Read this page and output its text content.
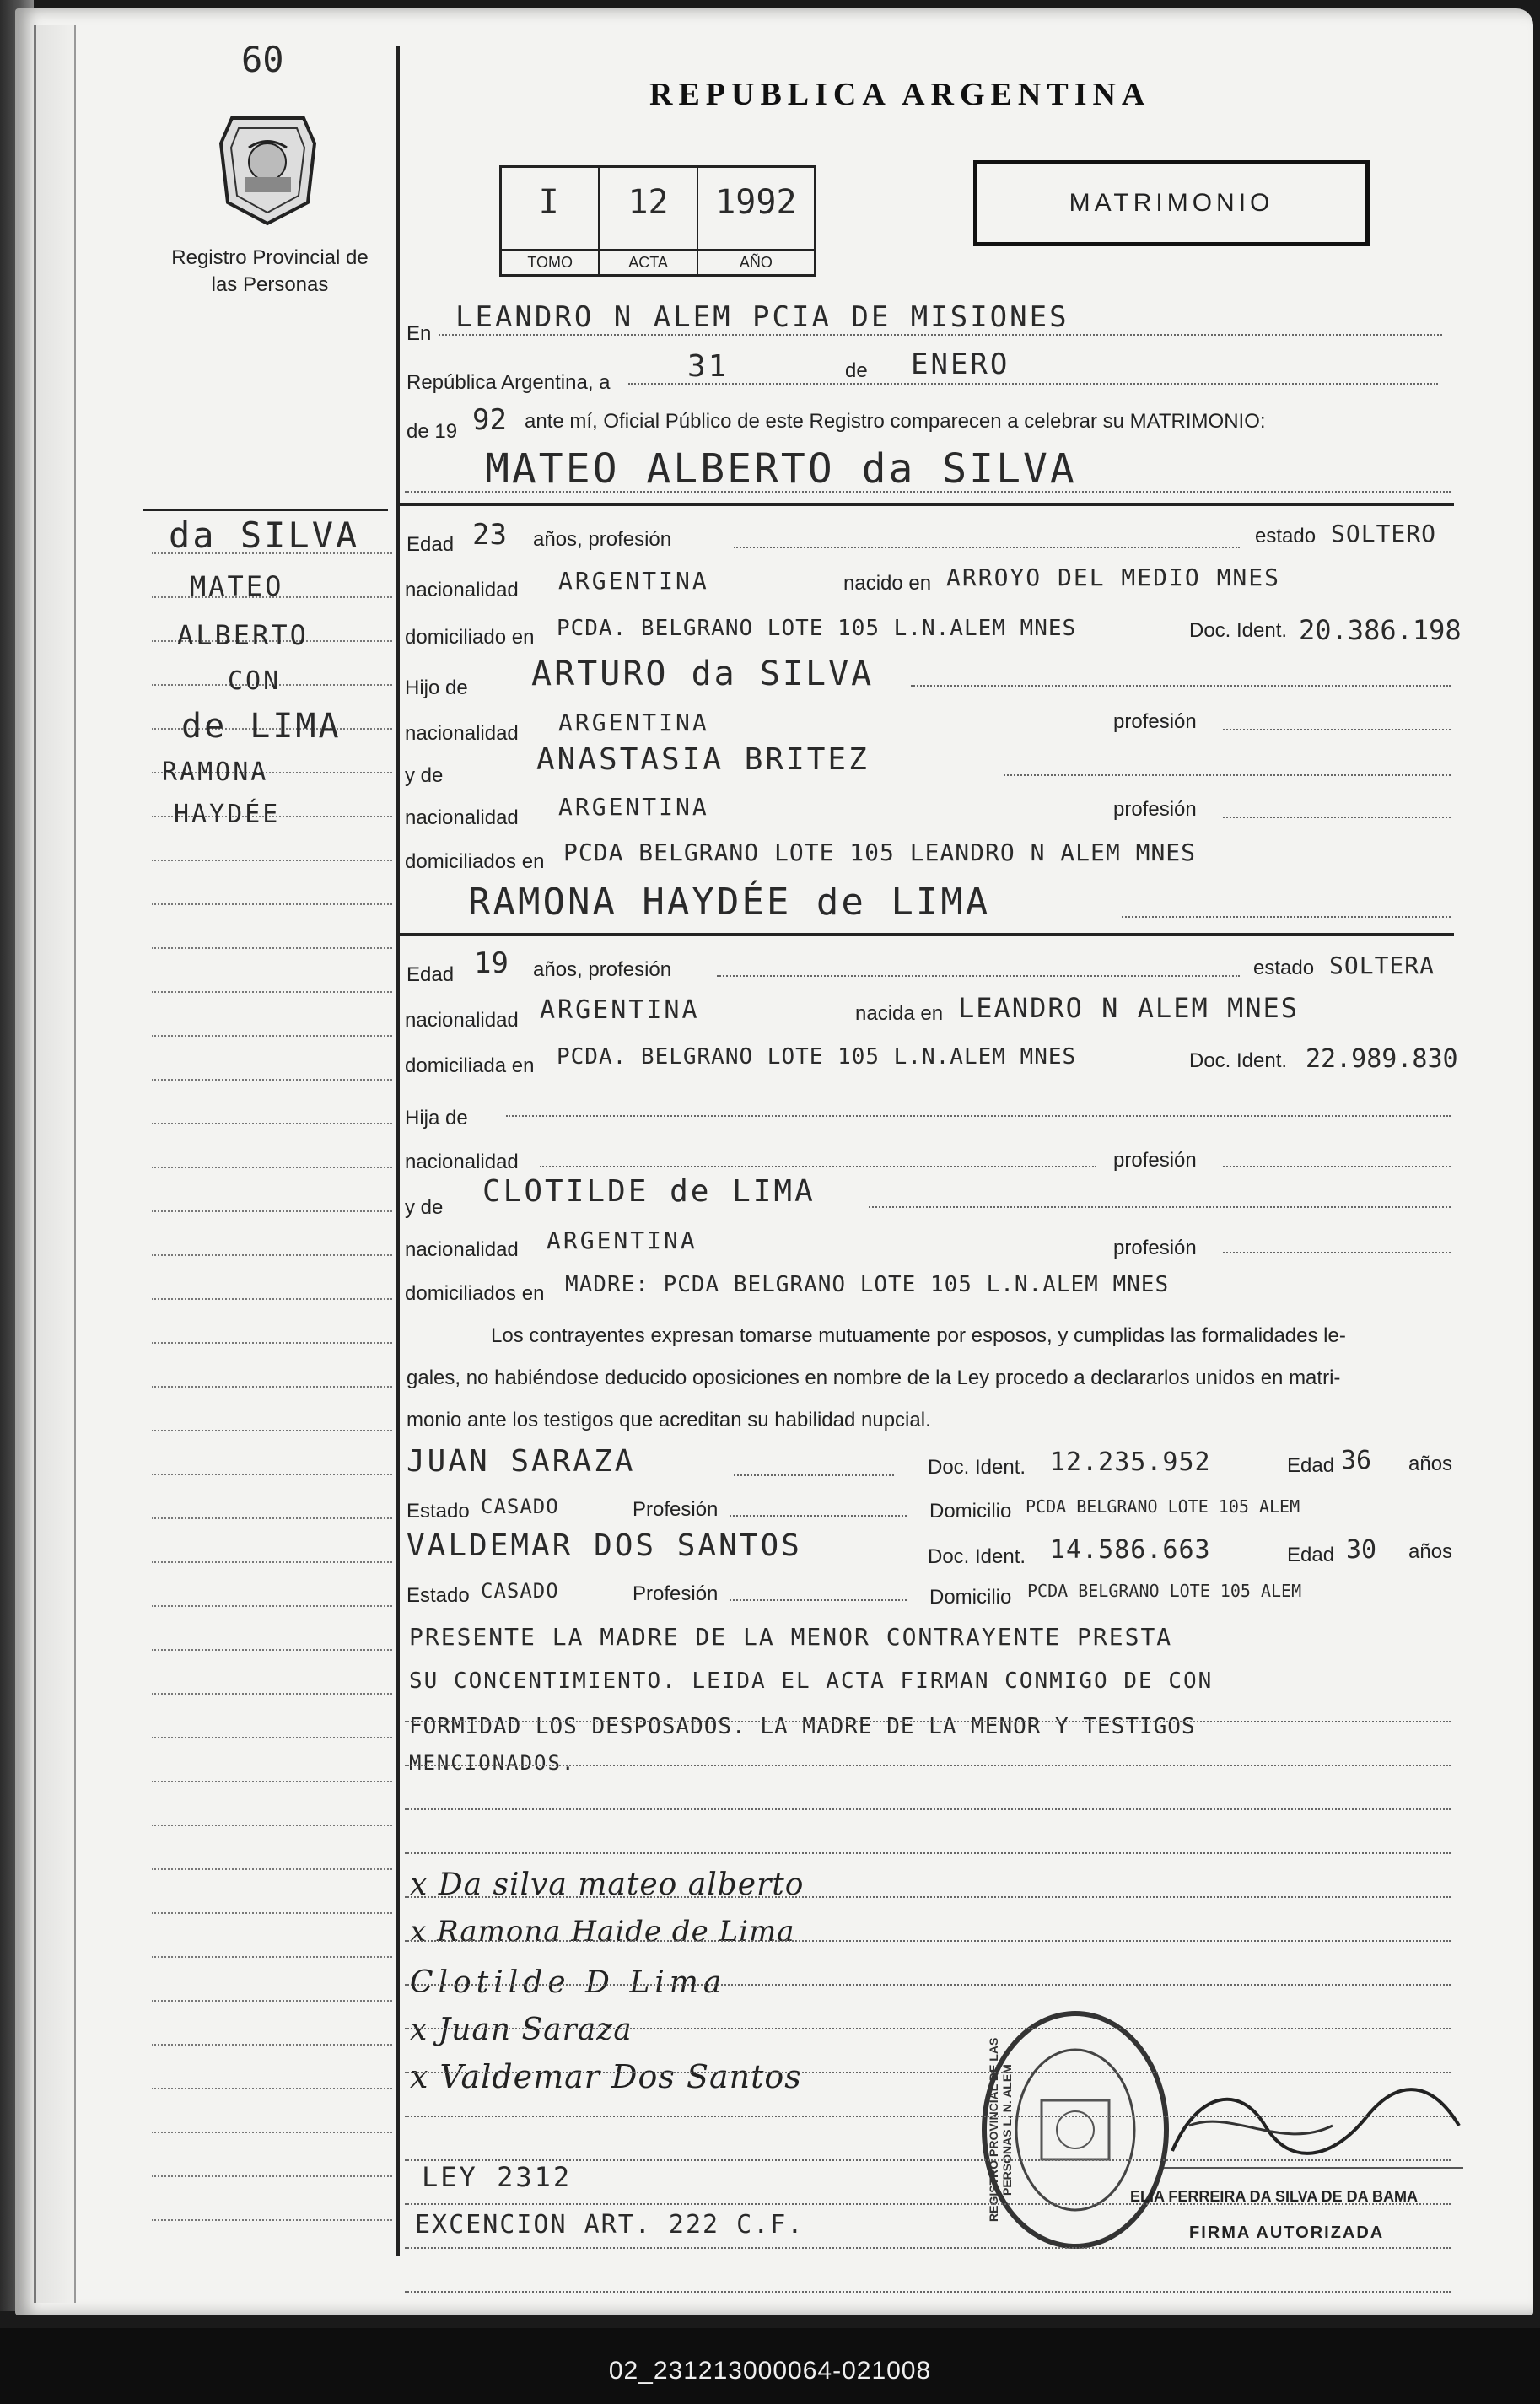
60
Registro Provincial de las Personas
REPUBLICA ARGENTINA
I
TOMO
12
ACTA
1992
AÑO
MATRIMONIO
da SILVA
MATEO
ALBERTO
CON
de LIMA
RAMONA
HAYDÉE
En LEANDRO N ALEM PCIA DE MISIONES
República Argentina, a	31	de ENERO
de 19 92 ante mí, Oficial Público de este Registro comparecen a celebrar su MATRIMONIO:
MATEO ALBERTO da SILVA
Edad 23 años, profesión	estado SOLTERO
nacionalidad ARGENTINA	nacido en ARROYO DEL MEDIO MNES
domiciliado en PCDA. BELGRANO LOTE 105 L.N.ALEM MNES	Doc. Ident. 20.386.198
Hijo de ARTURO da SILVA
nacionalidad ARGENTINA	profesión
y de	ANASTASIA BRITEZ
nacionalidad ARGENTINA	profesión
domiciliados en PCDA BELGRANO LOTE 105 LEANDRO N ALEM MNES
RAMONA HAYDÉE de LIMA
Edad 19 años, profesión	estado SOLTERA
nacionalidad ARGENTINA	nacida en LEANDRO N ALEM MNES
domiciliada en PCDA. BELGRANO LOTE 105 L.N.ALEM MNES	Doc. Ident. 22.989.830
Hija de
nacionalidad	profesión
y de CLOTILDE de LIMA
nacionalidad ARGENTINA	profesión
domiciliados en MADRE: PCDA BELGRANO LOTE 105 L.N.ALEM MNES
Los contrayentes expresan tomarse mutuamente por esposos, y cumplidas las formalidades le-
gales, no habiéndose deducido oposiciones en nombre de la Ley procedo a declararlos unidos en matri-
monio ante los testigos que acreditan su habilidad nupcial.
JUAN SARAZA	Doc. Ident. 12.235.952	Edad 36 años
Estado CASADO	Profesión	Domicilio PCDA BELGRANO LOTE 105 ALEM
VALDEMAR DOS SANTOS	Doc. Ident. 14.586.663	Edad 30 años
Estado CASADO	Profesión	Domicilio PCDA BELGRANO LOTE 105 ALEM
PRESENTE LA MADRE DE LA MENOR CONTRAYENTE PRESTA
SU CONCENTIMIENTO. LEIDA EL ACTA FIRMAN CONMIGO DE CON
FORMIDAD LOS DESPOSADOS. LA MADRE DE LA MENOR Y TESTIGOS
MENCIONADOS.
x Da silva mateo alberto
x Ramona Haide de Lima
Clotilde D Lima
x Juan Saraza
x Valdemar Dos Santos
LEY 2312
EXCENCION ART. 222 C.F.
REGISTRO PROVINCIAL DE LAS PERSONAS L. N. ALEM
ELIA FERREIRA DA SILVA DE DA BAMA
FIRMA AUTORIZADA
02_231213000064-021008
